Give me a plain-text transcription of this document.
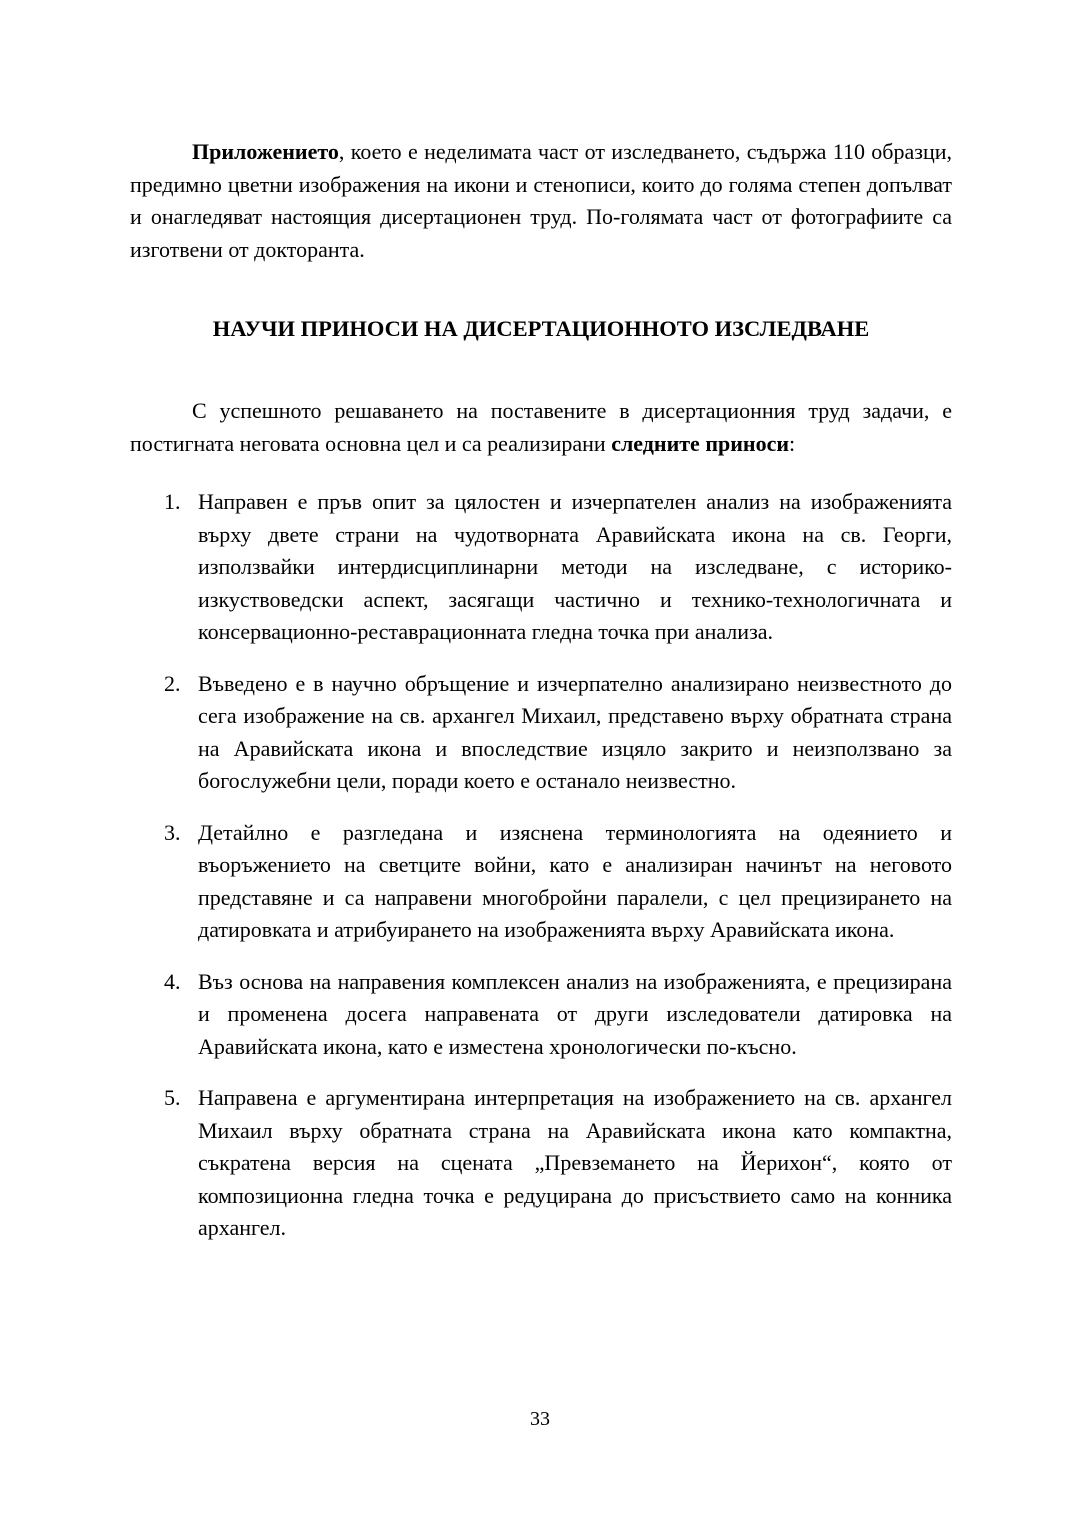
Приложението, което е неделимата част от изследването, съдържа 110 образци, предимно цветни изображения на икони и стенописи, които до голяма степен допълват и онагледяват настоящия дисертационен труд. По-голямата част от фотографиите са изготвени от докторанта.

НАУЧИ ПРИНОСИ НА ДИСЕРТАЦИОННОТО ИЗСЛЕДВАНЕ

С успешното решаването на поставените в дисертационния труд задачи, е постигната неговата основна цел и са реализирани следните приноси:

1. Направен е пръв опит за цялостен и изчерпателен анализ на изображенията върху двете страни на чудотворната Аравийската икона на св. Георги, използвайки интердисциплинарни методи на изследване, с историко-изкуствоведски аспект, засягащи частично и технико-технологичната и консервационно-реставрационната гледна точка при анализа.
2. Въведено е в научно обръщение и изчерпателно анализирано неизвестното до сега изображение на св. архангел Михаил, представено върху обратната страна на Аравийската икона и впоследствие изцяло закрито и неизползвано за богослужебни цели, поради което е останало неизвестно.
3. Детайлно е разгледана и изяснена терминологията на одеянието и въоръжението на светците войни, като е анализиран начинът на неговото представяне и са направени многобройни паралели, с цел прецизирането на датировката и атрибуирането на изображенията върху Аравийската икона.
4. Въз основа на направения комплексен анализ на изображенията, е прецизирана и променена досега направената от други изследователи датировка на Аравийската икона, като е изместена хронологически по-късно.
5. Направена е аргументирана интерпретация на изображението на св. архангел Михаил върху обратната страна на Аравийската икона като компактна, съкратена версия на сцената „Превземането на Йерихон“, която от композиционна гледна точка е редуцирана до присъствието само на конника архангел.
33
